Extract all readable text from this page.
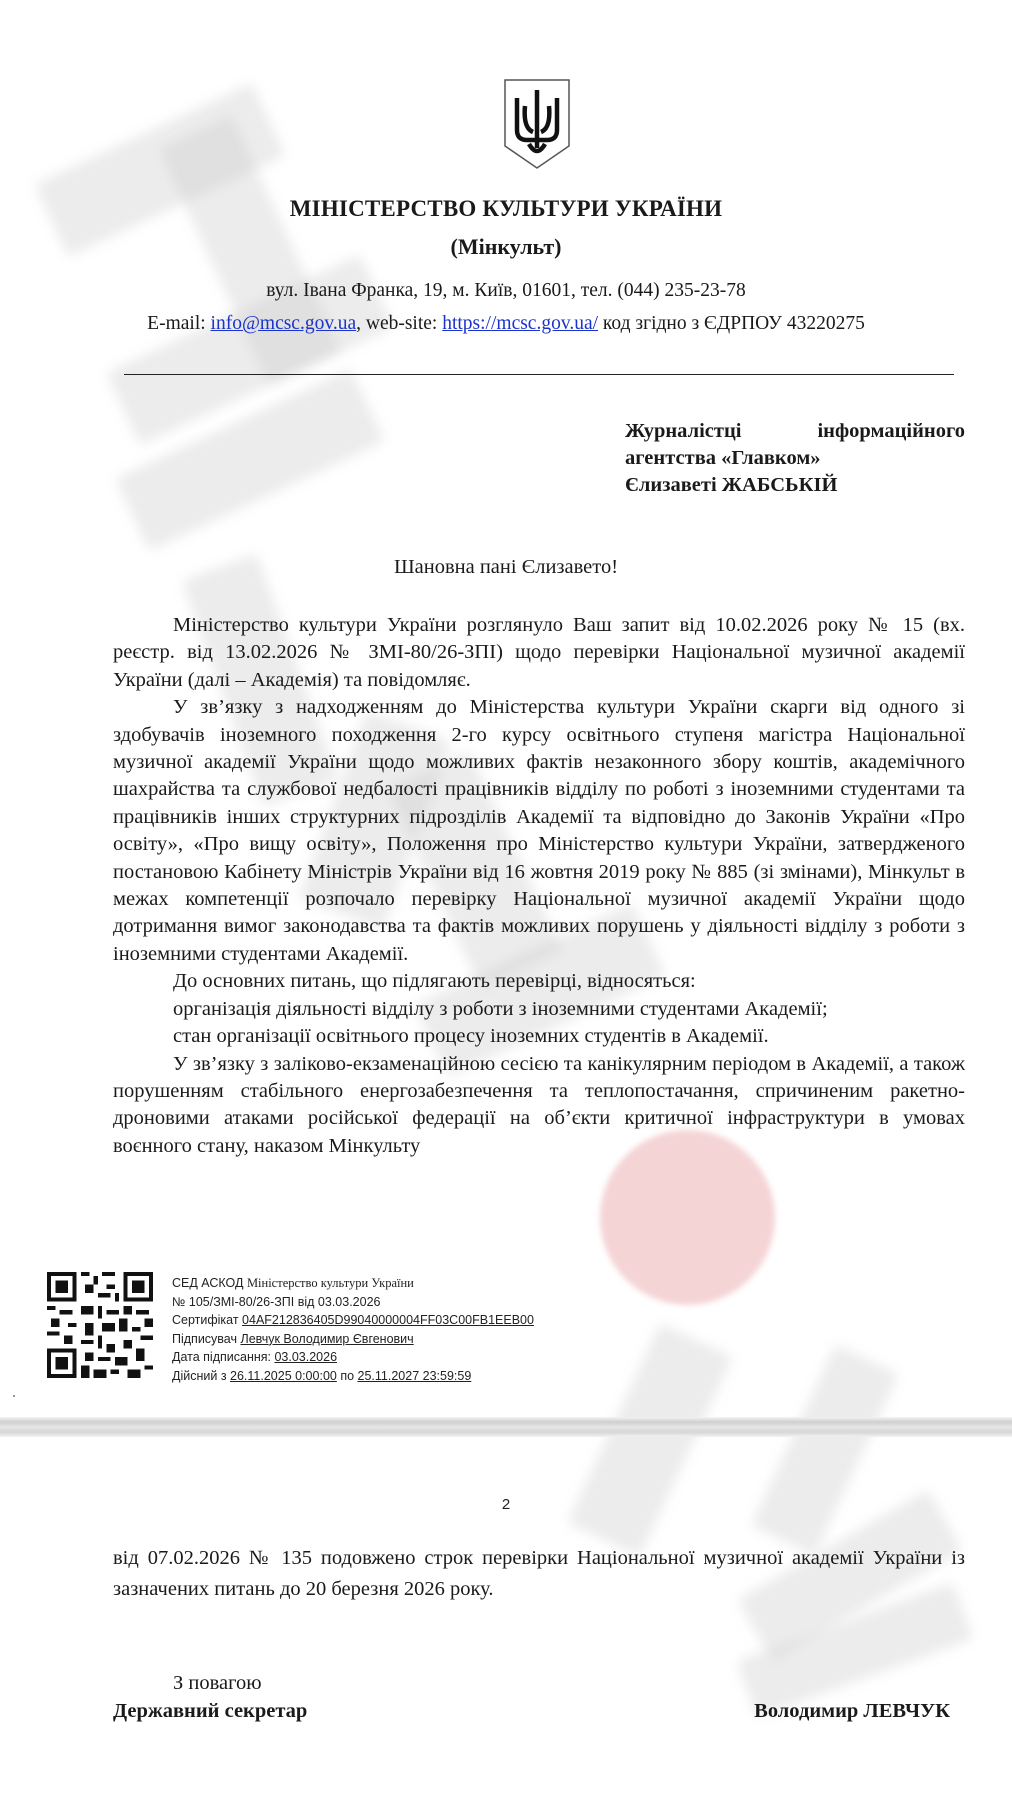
МІНІСТЕРСТВО КУЛЬТУРИ УКРАЇНИ
(Мінкульт)
вул. Івана Франка, 19, м. Київ, 01601, тел. (044) 235-23-78
E-mail: info@mcsc.gov.ua, web-site: https://mcsc.gov.ua/ код згідно з ЄДРПОУ 43220275
Журналістці інформаційного
агентства «Главком»
Єлизаветі ЖАБСЬКІЙ
Шановна пані Єлизавето!

Міністерство культури України розглянуло Ваш запит від 10.02.2026 року № 15 (вх. реєстр. від 13.02.2026 № ЗМІ-80/26-ЗПІ) щодо перевірки Національної музичної академії України (далі – Академія) та повідомляє.

У зв’язку з надходженням до Міністерства культури України скарги від одного зі здобувачів іноземного походження 2-го курсу освітнього ступеня магістра Національної музичної академії України щодо можливих фактів незаконного збору коштів, академічного шахрайства та службової недбалості працівників відділу по роботі з іноземними студентами та працівників інших структурних підрозділів Академії та відповідно до Законів України «Про освіту», «Про вищу освіту», Положення про Міністерство культури України, затвердженого постановою Кабінету Міністрів України від 16 жовтня 2019 року № 885 (зі змінами), Мінкульт в межах компетенції розпочало перевірку Національної музичної академії України щодо дотримання вимог законодавства та фактів можливих порушень у діяльності відділу з роботи з іноземними студентами Академії.

До основних питань, що підлягають перевірці, відносяться:

організація діяльності відділу з роботи з іноземними студентами Академії;

стан організації освітнього процесу іноземних студентів в Академії.

У зв’язку з заліково-екзаменаційною сесією та канікулярним періодом в Академії, а також порушенням стабільного енергозабезпечення та теплопостачання, спричиненим ракетно-дроновими атаками російської федерації на об’єкти критичної інфраструктури в умовах воєнного стану, наказом Мінкульту

СЕД АСКОД Міністерство культури України
№ 105/ЗМІ-80/26-ЗПІ від 03.03.2026
Сертифікат 04AF212836405D99040000004FF03C00FB1EEB00
Підписувач Левчук Володимир Євгенович
Дата підписання: 03.03.2026
Дійсний з 26.11.2025 0:00:00 по 25.11.2027 23:59:59
2

від 07.02.2026 № 135 подовжено строк перевірки Національної музичної академії України із зазначених питань до 20 березня 2026 року.

З повагою
Державний секретар	Володимир ЛЕВЧУК
